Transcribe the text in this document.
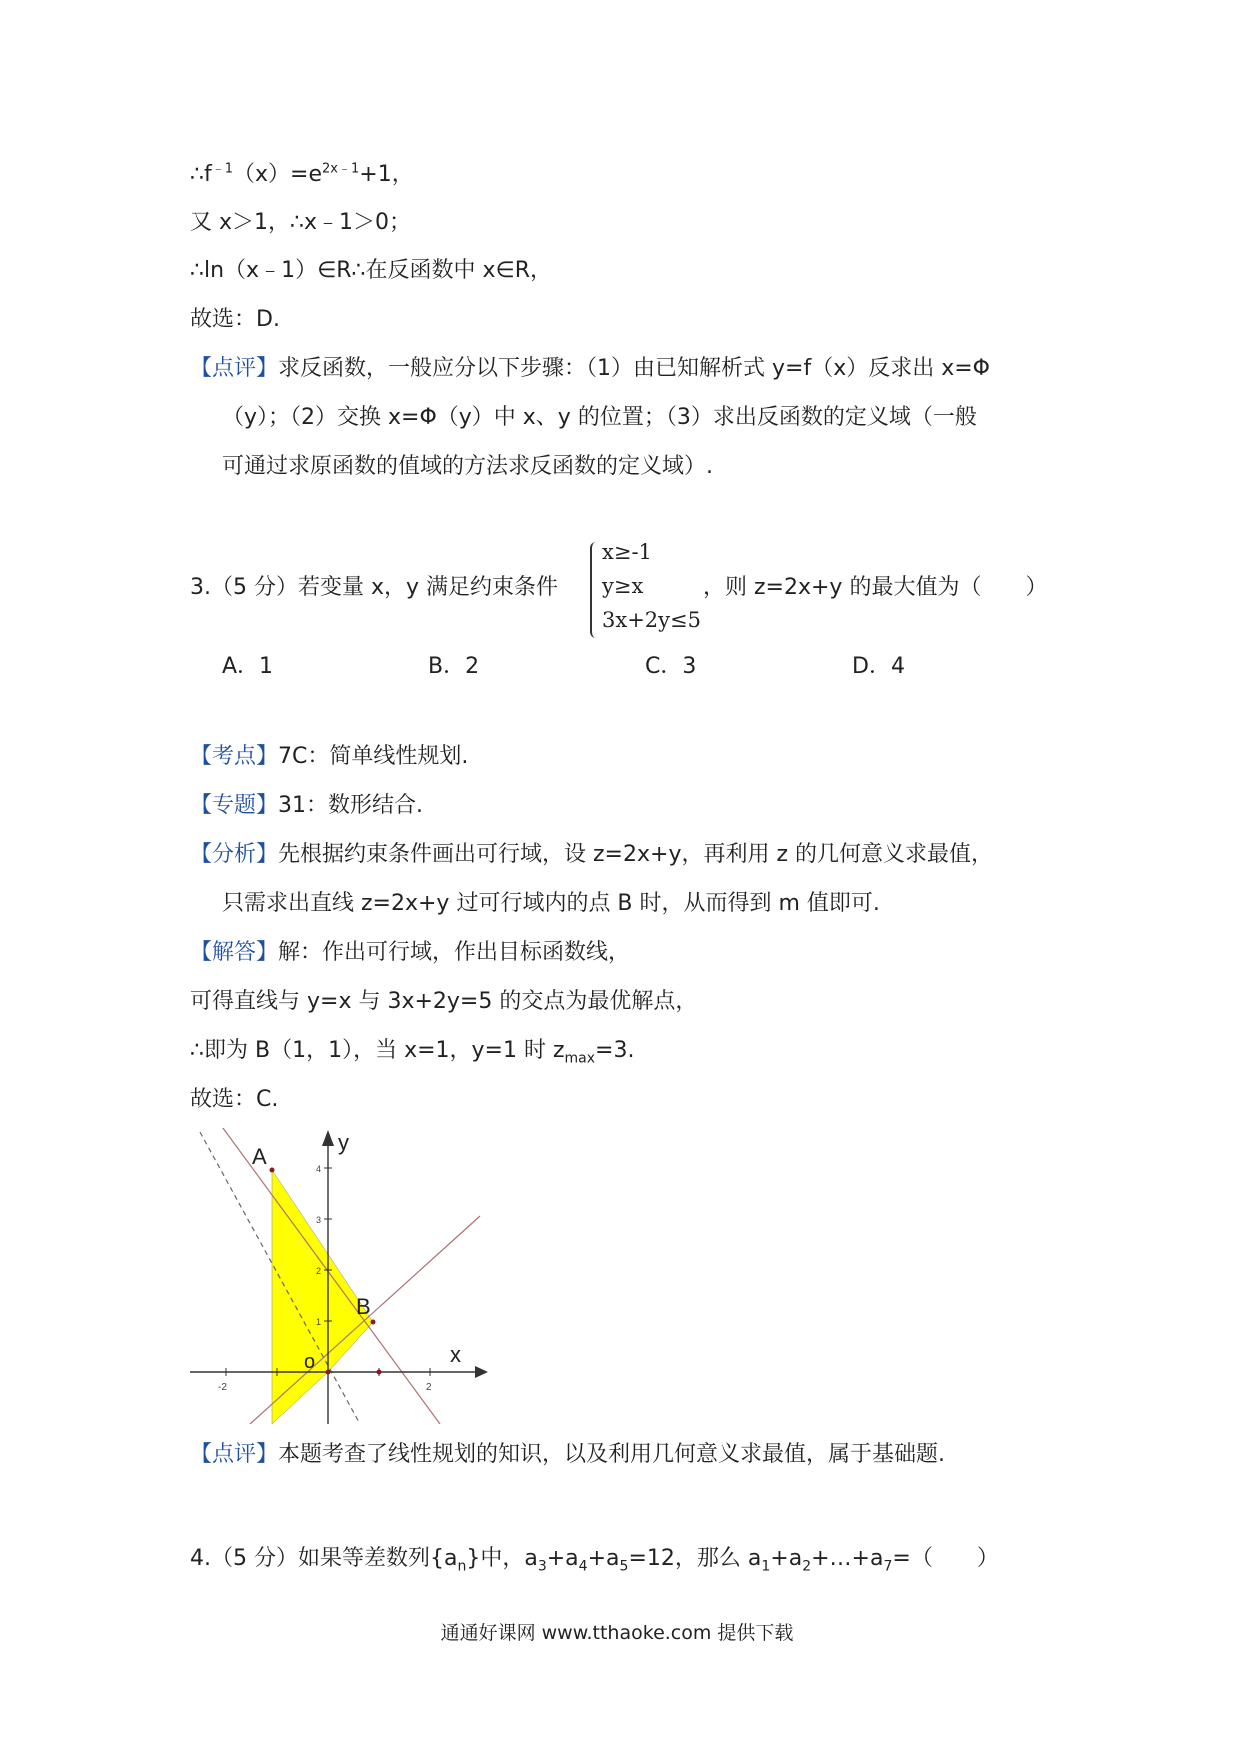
$\therefore f^{﹣1}(x)=e^{2x﹣1}+1$，
又 x＞1，∴x﹣1＞0；
∴ln（x﹣1）∈R∴在反函数中 x∈R，
故选：D.
【点评】求反函数，一般应分以下步骤：（1）由已知解析式 y=f（x）反求出 x=Φ
（y）；（2）交换 x=Φ（y）中 x、y 的位置；（3）求出反函数的定义域（一般
可通过求原函数的值域的方法求反函数的定义域）.
3.（5 分）若变量 x，y 满足约束条件
x≥-1
y≥x
3x+2y≤5
，则 z=2x+y 的最大值为（　　）
A．1	B．2	C．3	D．4
【考点】7C：简单线性规划.
【专题】31：数形结合.
【分析】先根据约束条件画出可行域，设 z=2x+y，再利用 z 的几何意义求最值，
只需求出直线 z=2x+y 过可行域内的点 B 时，从而得到 m 值即可.
【解答】解：作出可行域，作出目标函数线，
可得直线与 y=x 与 3x+2y=5 的交点为最优解点，
∴即为 B（1，1），当 x=1，y=1 时 $z_{max}=3$.
故选：C.
A
B
o	x
y
-2	2
1
2
3
4
【点评】本题考查了线性规划的知识，以及利用几何意义求最值，属于基础题.
4.（5 分）如果等差数列$\{a_n\}$中，$a_3+a_4+a_5=12$，那么 $a_1+a_2+\dots+a_7=$（　　）
通通好课网 www.tthaoke.com 提供下载
